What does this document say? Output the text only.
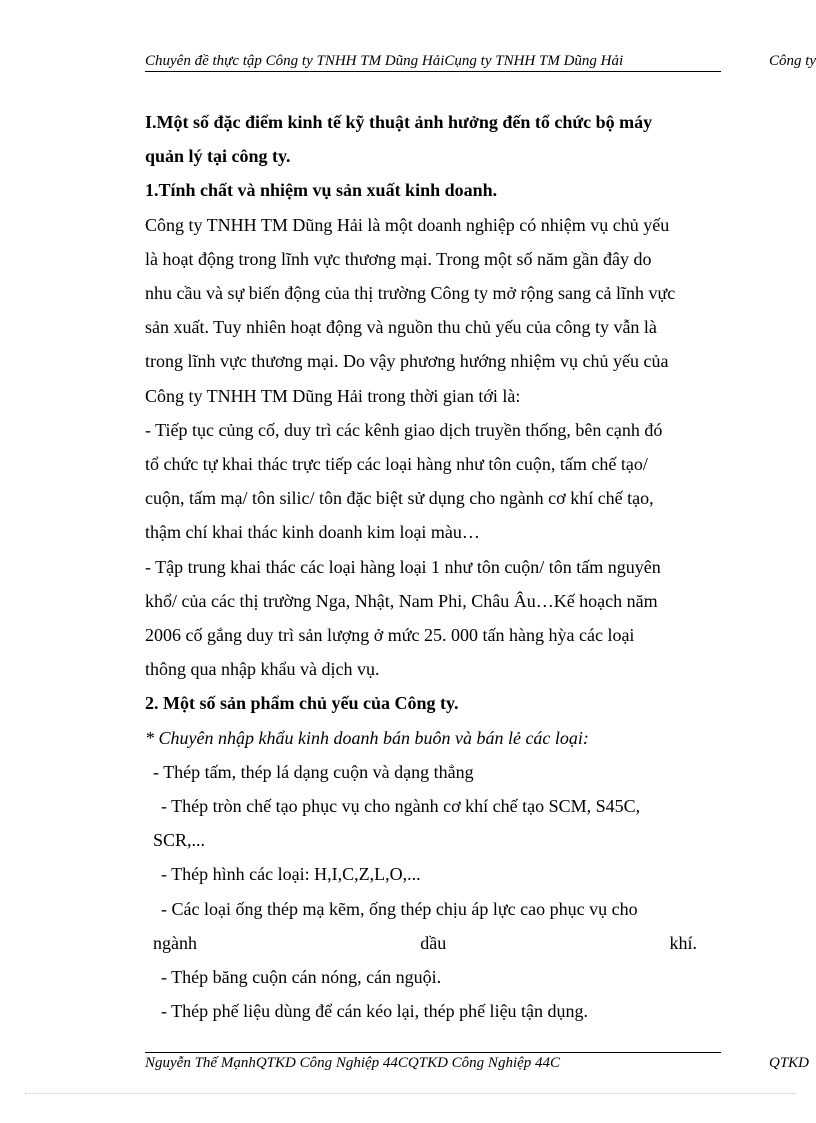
Chuyên đề thực tập Công ty TNHH TM Dũng HảiCụng ty TNHH TM Dũng Hải	Công ty

I.Một số đặc điểm kinh tế kỹ thuật ảnh hưởng đến tổ chức bộ máy

quản lý tại công ty.

1.Tính chất và nhiệm vụ sản xuất kinh doanh.

Công ty TNHH TM Dũng Hải là một doanh nghiệp có nhiệm vụ chủ yếu

là hoạt động trong lĩnh vực thương mại. Trong một số năm gần đây do

nhu cầu và sự biến động của thị trường Công ty mở rộng sang cả lĩnh vực

sản xuất. Tuy nhiên hoạt động và nguồn thu chủ yếu của công ty vẫn là

trong lĩnh vực thương mại. Do vậy phương hướng nhiệm vụ chủ yếu của

Công ty TNHH TM Dũng Hải trong thời gian tới là:

- Tiếp tục củng cố, duy trì các kênh giao dịch truyền thống, bên cạnh đó

tổ chức tự khai thác trực tiếp các loại hàng như tôn cuộn, tấm chế tạo/

cuộn, tấm mạ/ tôn silic/ tôn đặc biệt sử dụng cho ngành cơ khí chế tạo,

thậm chí khai thác kinh doanh kim loại màu…

- Tập trung khai thác các loại hàng loại 1 như tôn cuộn/ tôn tấm nguyên

khổ/ của các thị trường Nga, Nhật, Nam Phi, Châu Âu…Kế hoạch năm

2006 cố gắng duy trì sản lượng ở mức 25. 000 tấn hàng hỳa các loại

thông qua nhập khẩu và dịch vụ.

2. Một số sản phẩm chủ yếu của Công ty.

* Chuyên nhập khẩu kinh doanh bán buôn và bán lẻ các loại:

- Thép tấm, thép lá dạng cuộn và dạng thẳng

- Thép tròn chế tạo phục vụ cho ngành cơ khí chế tạo SCM, S45C,

SCR,...

- Thép hình các loại: H,I,C,Z,L,O,...

- Các loại ống thép mạ kẽm, ống thép chịu áp lực cao phục vụ cho

ngành	dầu	khí.

- Thép băng cuộn cán nóng, cán nguội.

- Thép phế liệu dùng để cán kéo lại, thép phế liệu tận dụng.

Nguyễn Thế MạnhQTKD Công Nghiệp 44CQTKD Công Nghiệp 44C	QTKD
